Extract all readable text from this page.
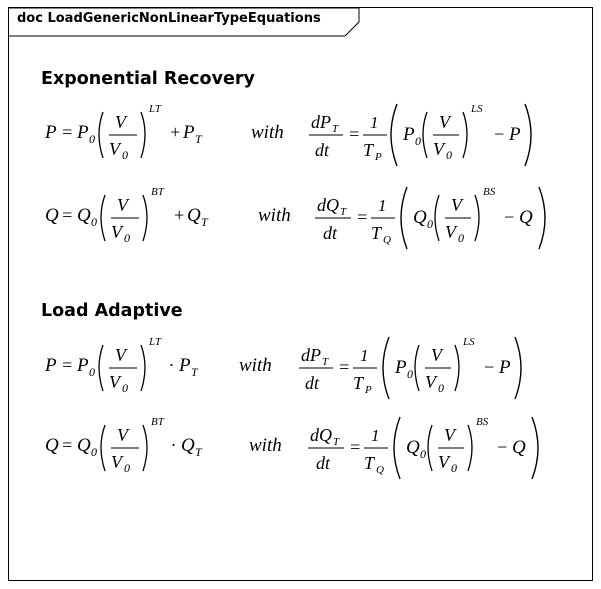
doc LoadGenericNonLinearTypeEquations
Exponential Recovery
Load Adaptive
P = P 0
V
V 0
LT
+ P T	with dP T
dt
=
1
T P
P 0
V
V 0
LS
− P
Q = Q 0
V
V 0
BT
+ Q T	with dQ T
dt
=
1
T Q
Q 0
V
V 0
BS
− Q
P = P 0
V
V 0
LT
· P T with dP T
dt
=
1
T P
P 0
V
V 0
LS
− P
Q = Q 0
V
V 0
BT
· Q T with dQ T
dt
=
1
T Q
Q 0
V
V 0
BS
− Q
